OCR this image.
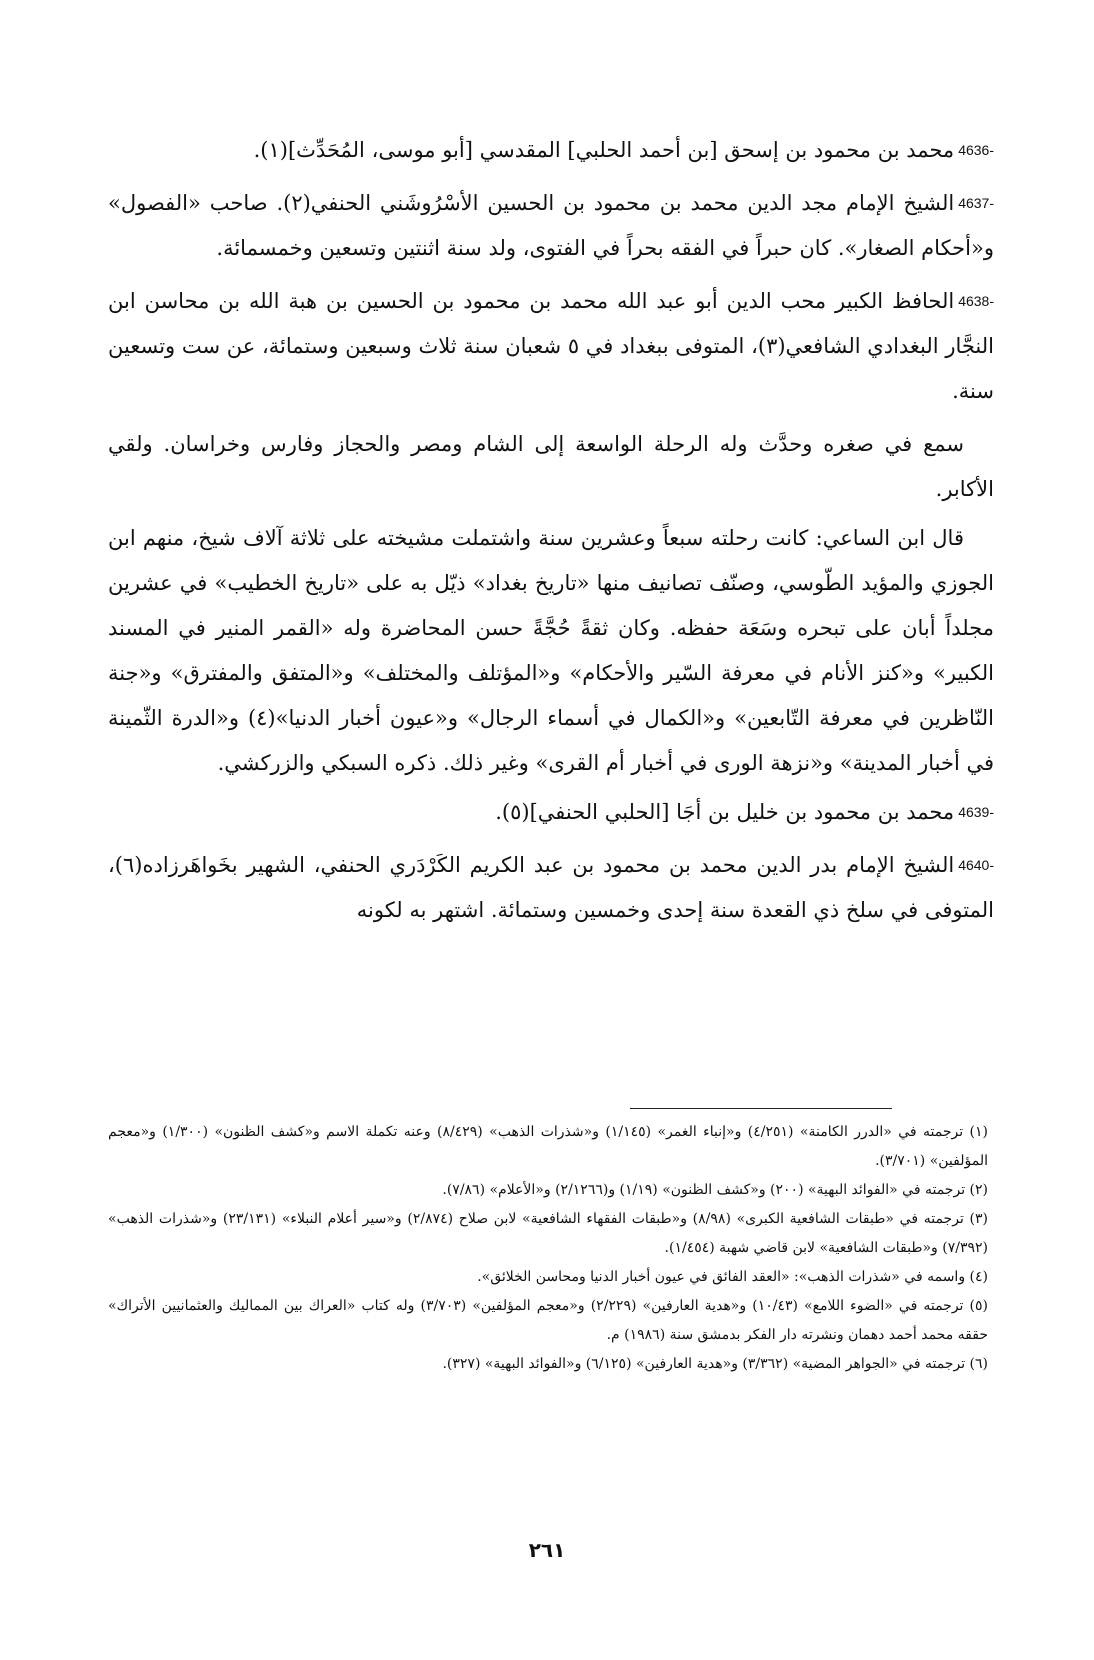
4636-محمد بن محمود بن إسحق [بن أحمد الحلبي] المقدسي [أبو موسى، المُحَدِّث](١).

4637-الشيخ الإمام مجد الدين محمد بن محمود بن الحسين الأسْرُوشَني الحنفي(٢). صاحب «الفصول» و«أحكام الصغار». كان حبراً في الفقه بحراً في الفتوى، ولد سنة اثنتين وتسعين وخمسمائة.

4638-الحافظ الكبير محب الدين أبو عبد الله محمد بن محمود بن الحسين بن هبة الله بن محاسن ابن النجَّار البغدادي الشافعي(٣)، المتوفى ببغداد في ٥ شعبان سنة ثلاث وسبعين وستمائة، عن ست وتسعين سنة.

سمع في صغره وحدَّث وله الرحلة الواسعة إلى الشام ومصر والحجاز وفارس وخراسان. ولقي الأكابر.

قال ابن الساعي: كانت رحلته سبعاً وعشرين سنة واشتملت مشيخته على ثلاثة آلاف شيخ، منهم ابن الجوزي والمؤيد الطّوسي، وصنّف تصانيف منها «تاريخ بغداد» ذيّل به على «تاريخ الخطيب» في عشرين مجلداً أبان على تبحره وسَعَة حفظه. وكان ثقةً حُجَّةً حسن المحاضرة وله «القمر المنير في المسند الكبير» و«كنز الأنام في معرفة السّير والأحكام» و«المؤتلف والمختلف» و«المتفق والمفترق» و«جنة النّاظرين في معرفة التّابعين» و«الكمال في أسماء الرجال» و«عيون أخبار الدنيا»(٤) و«الدرة الثّمينة في أخبار المدينة» و«نزهة الورى في أخبار أم القرى» وغير ذلك. ذكره السبكي والزركشي.

4639-محمد بن محمود بن خليل بن أجَا [الحلبي الحنفي](٥).

4640-الشيخ الإمام بدر الدين محمد بن محمود بن عبد الكريم الكَرْدَري الحنفي، الشهير بخَواهَرزاده(٦)، المتوفى في سلخ ذي القعدة سنة إحدى وخمسين وستمائة. اشتهر به لكونه

(١) ترجمته في «الدرر الكامنة» (٤/٢٥١) و«إنباء الغمر» (١/١٤٥) و«شذرات الذهب» (٨/٤٢٩) وعنه تكملة الاسم و«كشف الظنون» (١/٣٠٠) و«معجم المؤلفين» (٣/٧٠١).

(٢) ترجمته في «الفوائد البهية» (٢٠٠) و«كشف الظنون» (١/١٩) و(٢/١٢٦٦) و«الأعلام» (٧/٨٦).

(٣) ترجمته في «طبقات الشافعية الكبرى» (٨/٩٨) و«طبقات الفقهاء الشافعية» لابن صلاح (٢/٨٧٤) و«سير أعلام النبلاء» (٢٣/١٣١) و«شذرات الذهب» (٧/٣٩٢) و«طبقات الشافعية» لابن قاضي شهبة (١/٤٥٤).

(٤) واسمه في «شذرات الذهب»: «العقد الفائق في عيون أخبار الدنيا ومحاسن الخلائق».

(٥) ترجمته في «الضوء اللامع» (١٠/٤٣) و«هدية العارفين» (٢/٢٢٩) و«معجم المؤلفين» (٣/٧٠٣) وله كتاب «العراك بين المماليك والعثمانيين الأتراك» حققه محمد أحمد دهمان ونشرته دار الفكر بدمشق سنة (١٩٨٦) م.

(٦) ترجمته في «الجواهر المضية» (٣/٣٦٢) و«هدية العارفين» (٦/١٢٥) و«الفوائد البهية» (٣٢٧).

٢٦١
